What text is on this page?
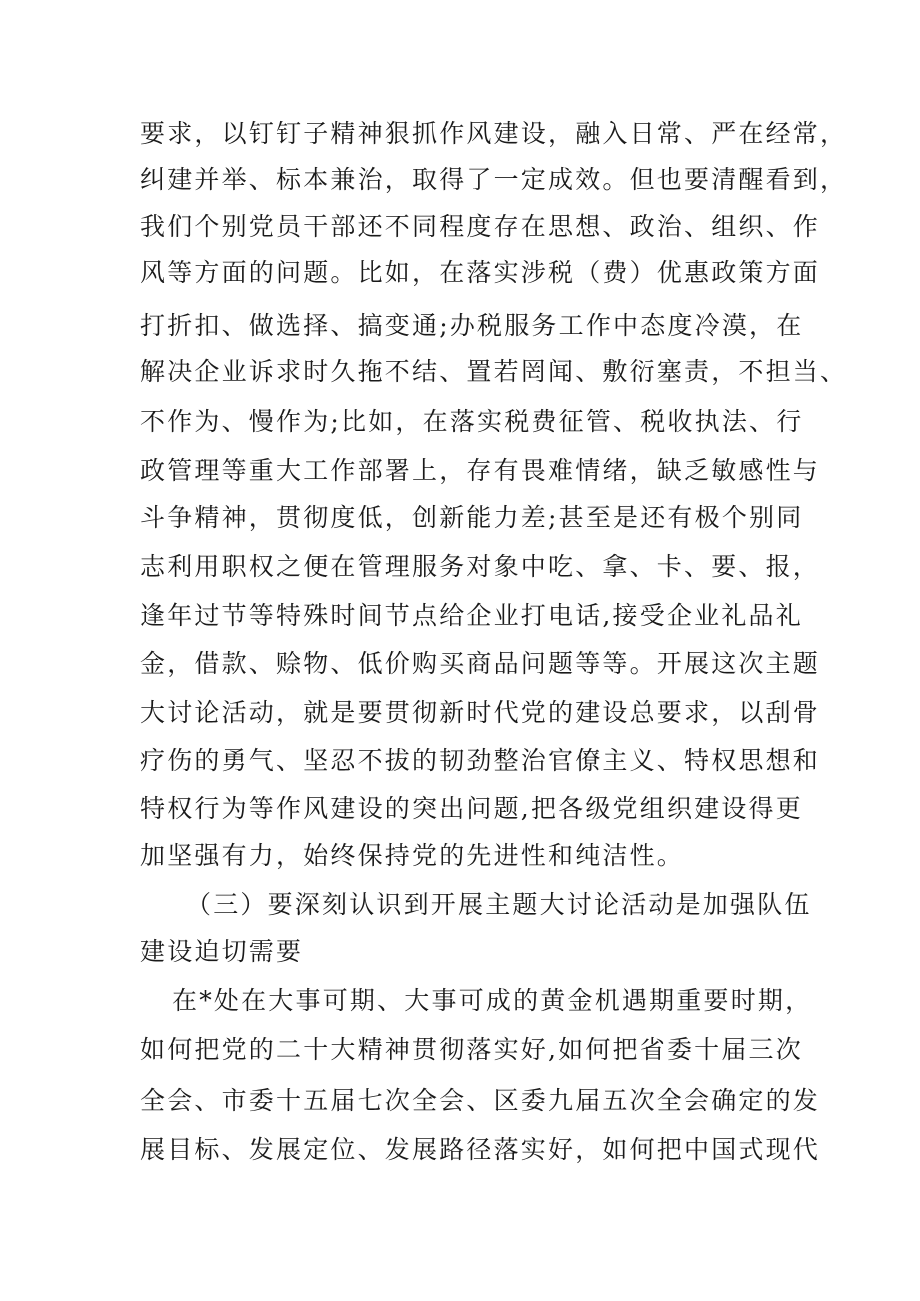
要求，以钉钉子精神狠抓作风建设，融入日常、严在经常，
纠建并举、标本兼治，取得了一定成效。但也要清醒看到，
我们个别党员干部还不同程度存在思想、政治、组织、作
风等方面的问题。比如，在落实涉税（费）优惠政策方面
打折扣、做选择、搞变通;办税服务工作中态度冷漠，在
解决企业诉求时久拖不结、置若罔闻、敷衍塞责，不担当、
不作为、慢作为;比如，在落实税费征管、税收执法、行
政管理等重大工作部署上，存有畏难情绪，缺乏敏感性与
斗争精神，贯彻度低，创新能力差;甚至是还有极个别同
志利用职权之便在管理服务对象中吃、拿、卡、要、报，
逢年过节等特殊时间节点给企业打电话,接受企业礼品礼
金，借款、赊物、低价购买商品问题等等。开展这次主题
大讨论活动，就是要贯彻新时代党的建设总要求，以刮骨
疗伤的勇气、坚忍不拔的韧劲整治官僚主义、特权思想和
特权行为等作风建设的突出问题,把各级党组织建设得更
加坚强有力，始终保持党的先进性和纯洁性。
（三）要深刻认识到开展主题大讨论活动是加强队伍
建设迫切需要
在*处在大事可期、大事可成的黄金机遇期重要时期，
如何把党的二十大精神贯彻落实好,如何把省委十届三次
全会、市委十五届七次全会、区委九届五次全会确定的发
展目标、发展定位、发展路径落实好，如何把中国式现代
